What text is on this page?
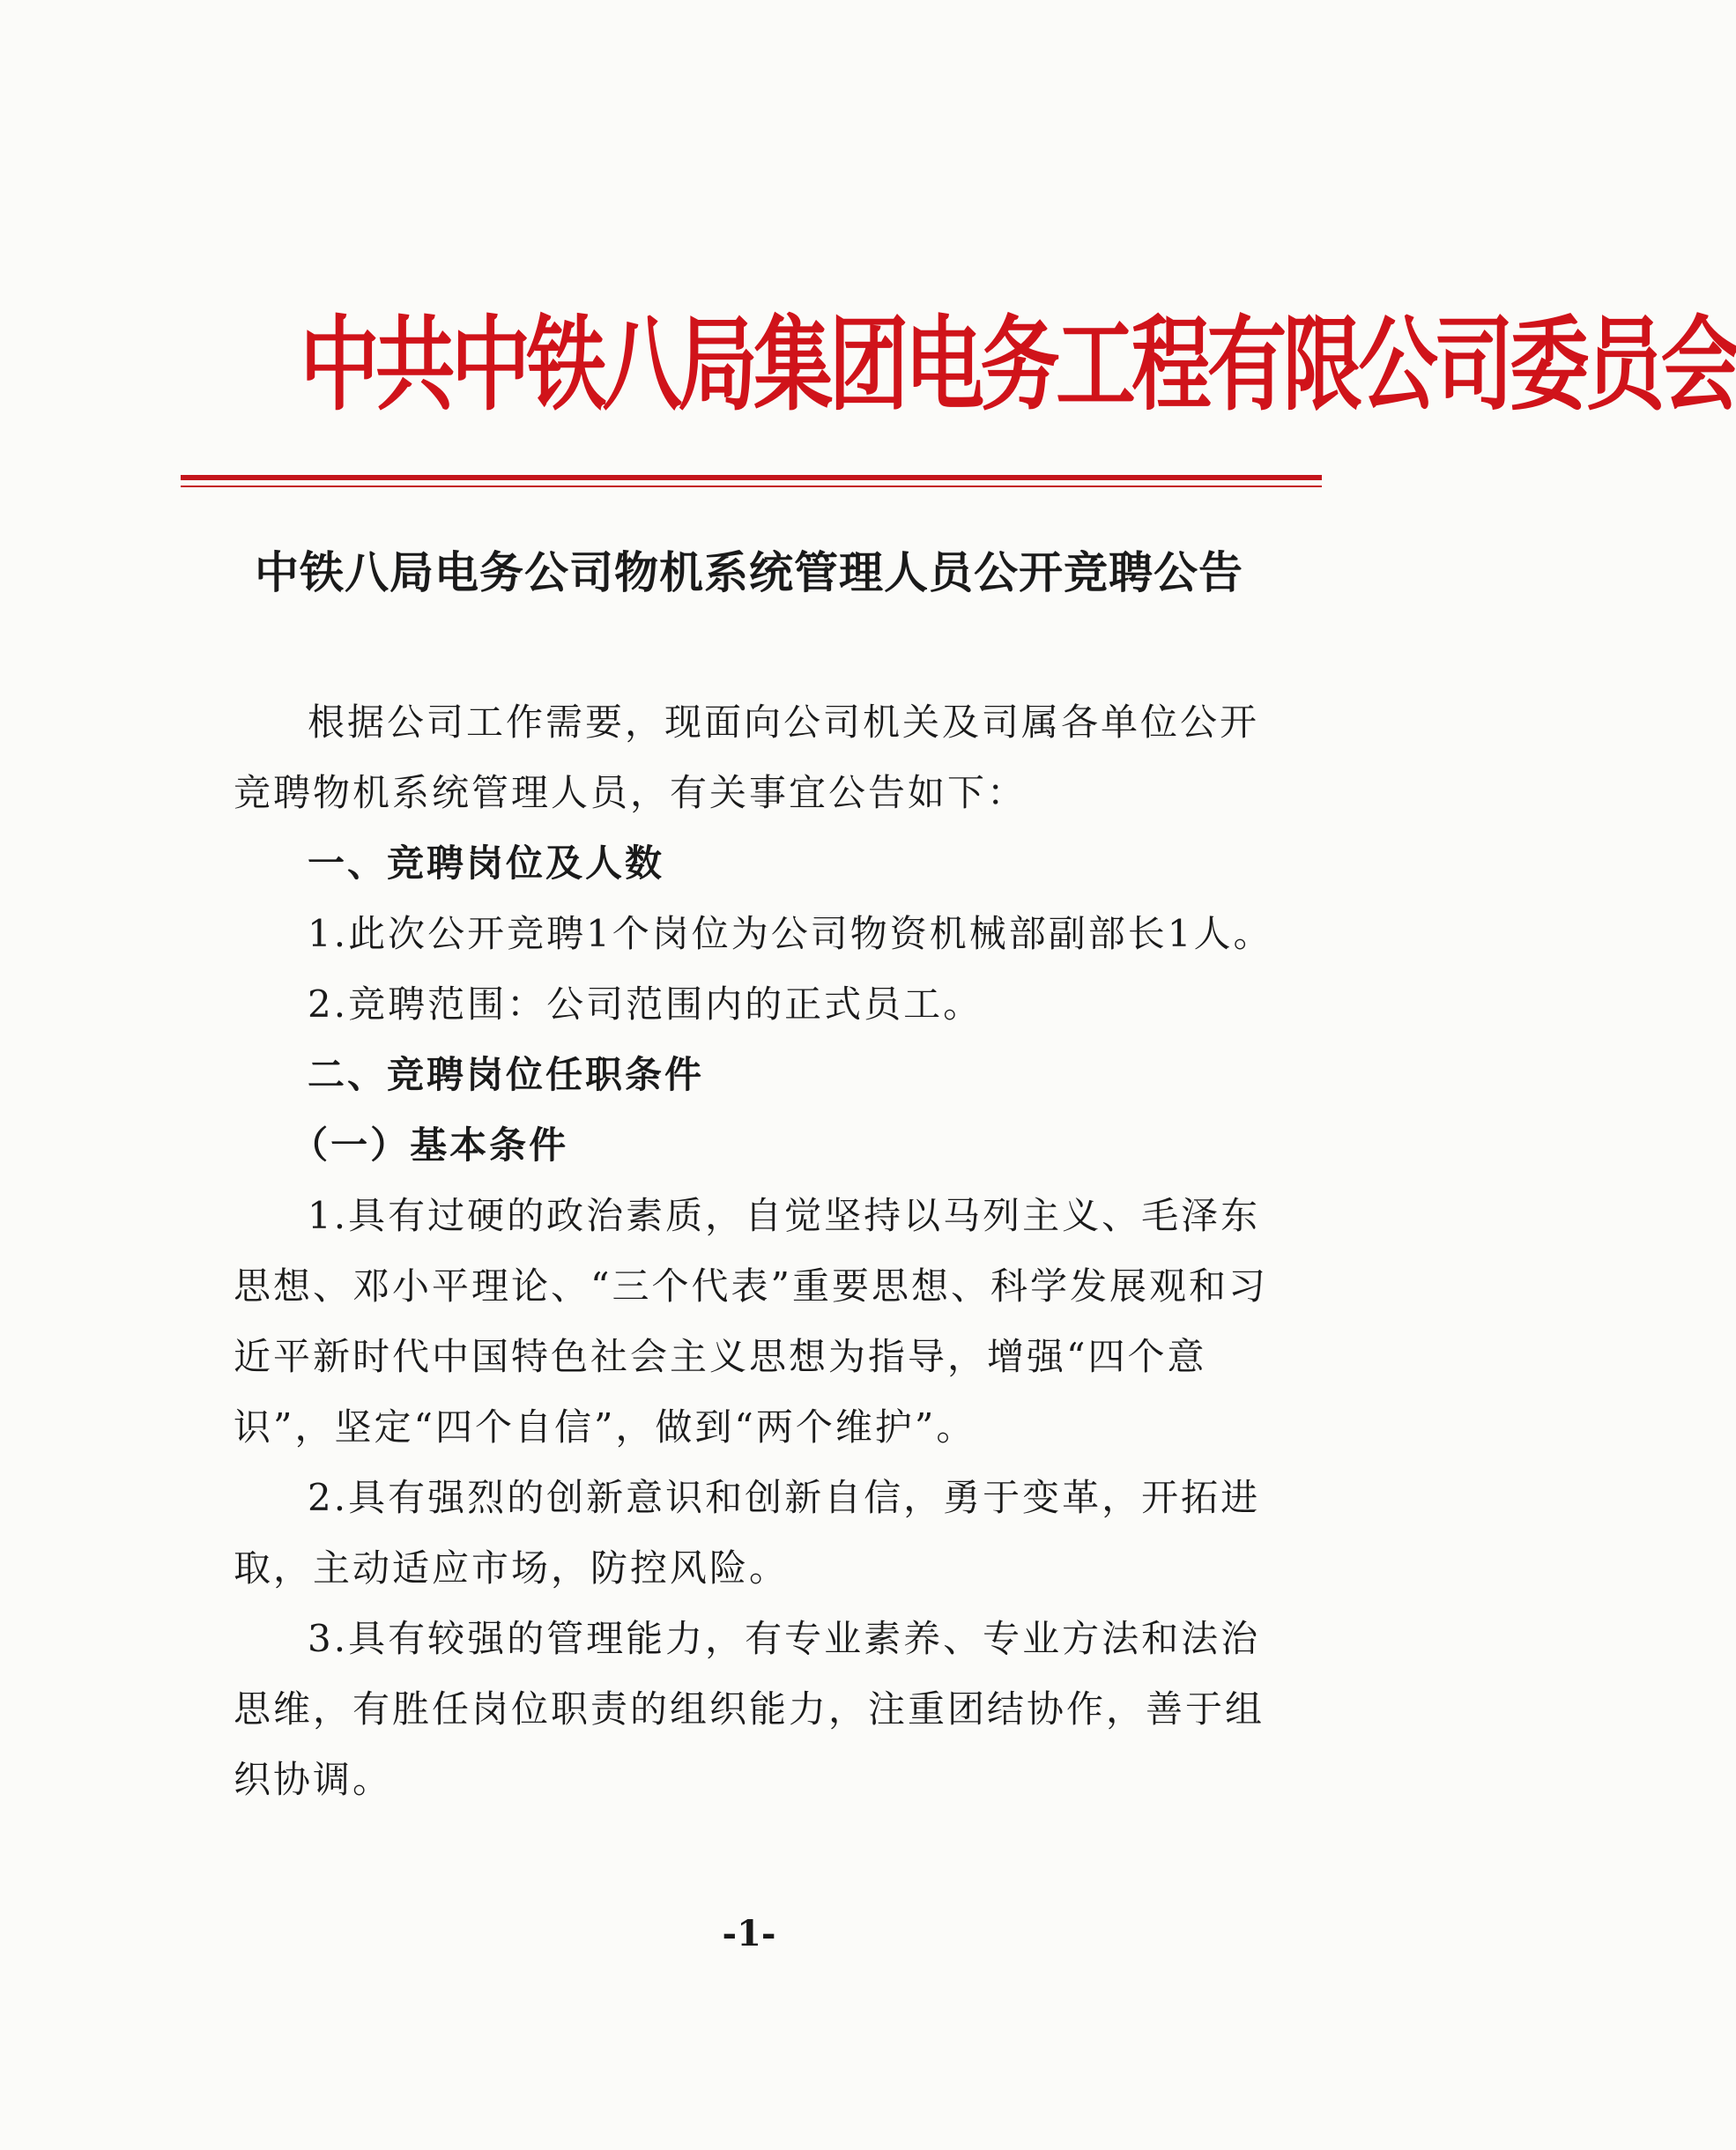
中共中铁八局集团电务工程有限公司委员会
中铁八局电务公司物机系统管理人员公开竞聘公告

根据公司工作需要，现面向公司机关及司属各单位公开竞聘物机系统管理人员，有关事宜公告如下：

一、竞聘岗位及人数

1.此次公开竞聘1个岗位为公司物资机械部副部长1人。

2.竞聘范围：公司范围内的正式员工。

二、竞聘岗位任职条件
（一）基本条件

1.具有过硬的政治素质，自觉坚持以马列主义、毛泽东思想、邓小平理论、“三个代表”重要思想、科学发展观和习近平新时代中国特色社会主义思想为指导，增强“四个意识”，坚定“四个自信”，做到“两个维护”。

2.具有强烈的创新意识和创新自信，勇于变革，开拓进取，主动适应市场，防控风险。

3.具有较强的管理能力，有专业素养、专业方法和法治思维，有胜任岗位职责的组织能力，注重团结协作，善于组织协调。

-1-
